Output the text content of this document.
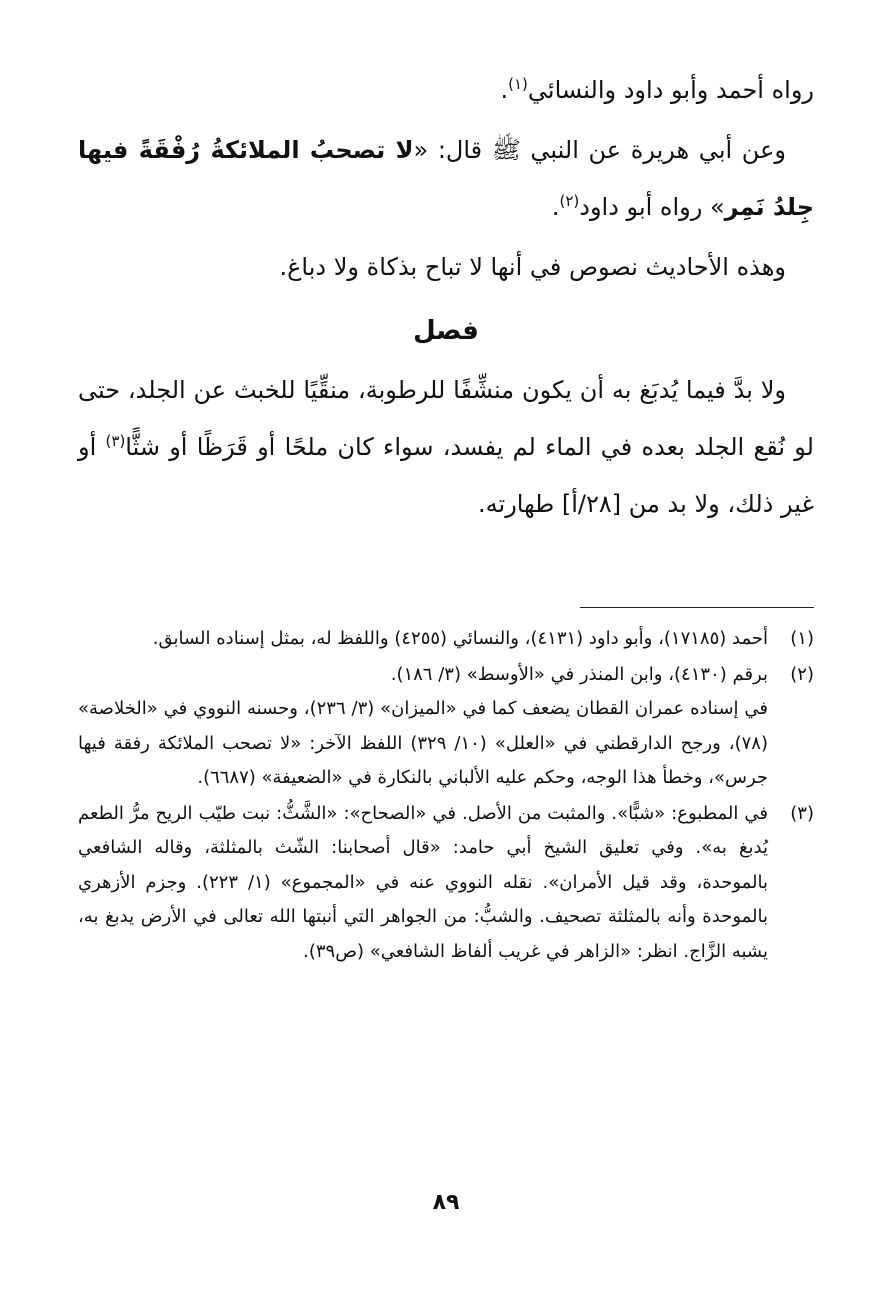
رواه أحمد وأبو داود والنسائي$^{(١)}$.

وعن أبي هريرة عن النبي ﷺ قال: «لا تصحبُ الملائكةُ رُفْقَةً فيها جِلدُ نَمِر» رواه أبو داود$^{(٢)}$.

وهذه الأحاديث نصوص في أنها لا تباح بذكاة ولا دباغ.

فصل

ولا بدَّ فيما يُدبَغ به أن يكون منشِّفًا للرطوبة، منقِّيًا للخبث عن الجلد، حتى لو نُقع الجلد بعده في الماء لم يفسد، سواء كان ملحًا أو قَرَظًا أو شثًّا$^{(٣)}$ أو غير ذلك، ولا بد من [٢٨/أ] طهارته.

(١)

أحمد (١٧١٨٥)، وأبو داود (٤١٣١)، والنسائي (٤٢٥٥) واللفظ له، بمثل إسناده السابق.

(٢)

برقم (٤١٣٠)، وابن المنذر في «الأوسط» (٣/ ١٨٦).

في إسناده عمران القطان يضعف كما في «الميزان» (٣/ ٢٣٦)، وحسنه النووي في «الخلاصة» (٧٨)، ورجح الدارقطني في «العلل» (١٠/ ٣٢٩) اللفظ الآخر: «لا تصحب الملائكة رفقة فيها جرس»، وخطأ هذا الوجه، وحكم عليه الألباني بالنكارة في «الضعيفة» (٦٦٨٧).

(٣)

في المطبوع: «شبًّا». والمثبت من الأصل. في «الصحاح»: «الشَّثُّ: نبت طيّب الريح مرُّ الطعم يُدبغ به». وفي تعليق الشيخ أبي حامد: «قال أصحابنا: الشّث بالمثلثة، وقاله الشافعي بالموحدة، وقد قيل الأمران». نقله النووي عنه في «المجموع» (١/ ٢٢٣). وجزم الأزهري بالموحدة وأنه بالمثلثة تصحيف. والشبُّ: من الجواهر التي أنبتها الله تعالى في الأرض يدبغ به، يشبه الزَّاج. انظر: «الزاهر في غريب ألفاظ الشافعي» (ص٣٩).

٨٩
